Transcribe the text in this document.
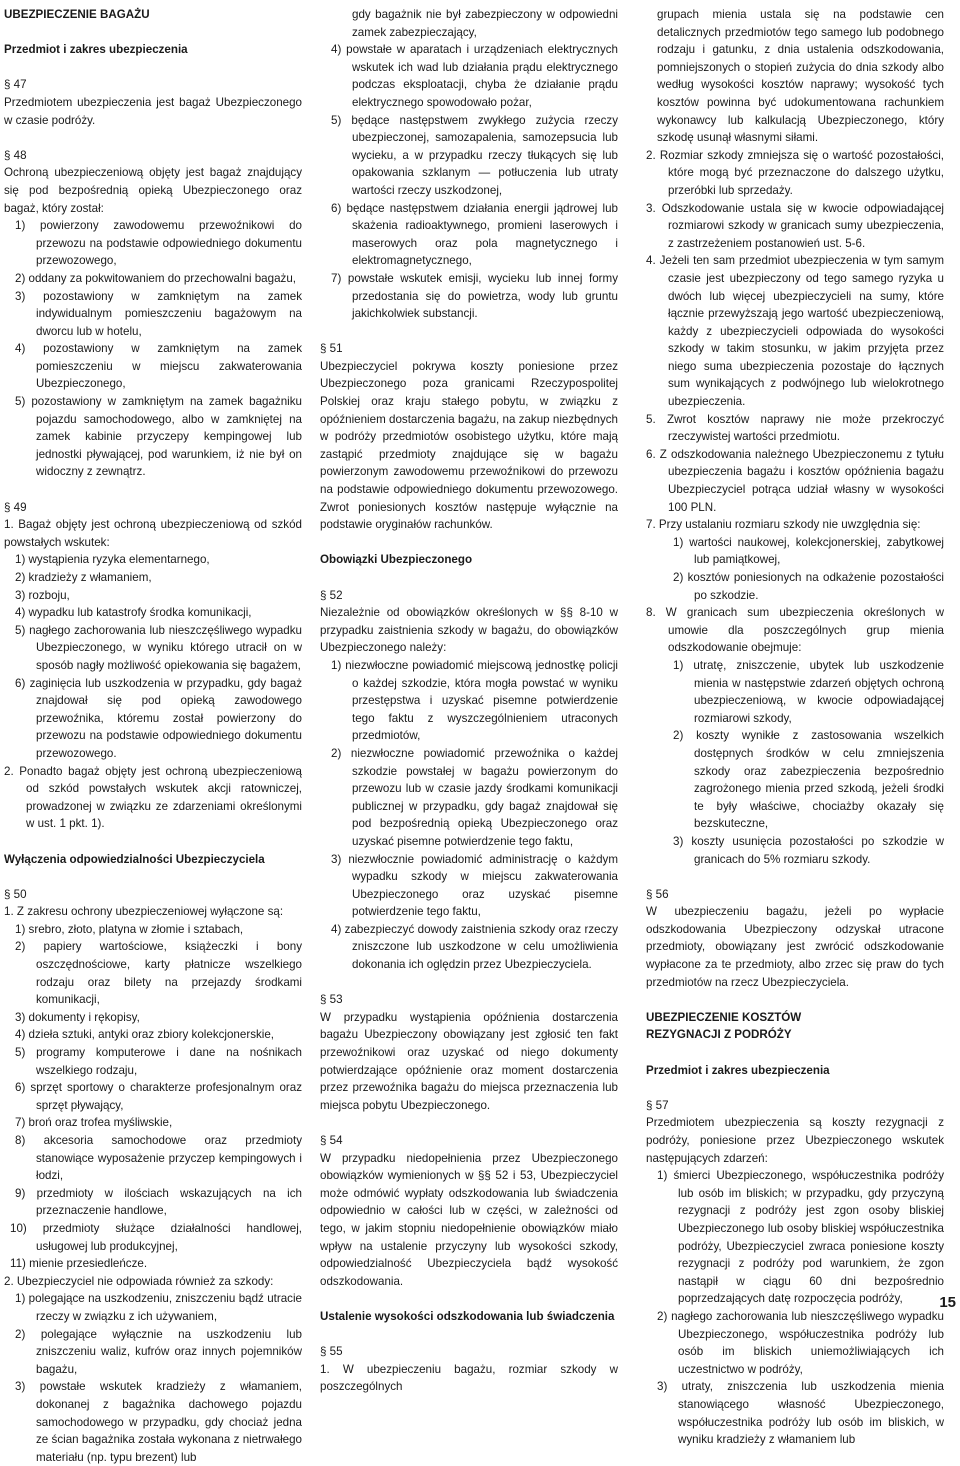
UBEZPIECZENIE BAGAŻU

Przedmiot i zakres ubezpieczenia

§ 47

Przedmiotem ubezpieczenia jest bagaż Ubezpieczonego w czasie podróży.

§ 48

Ochroną ubezpieczeniową objęty jest bagaż znajdujący się pod bezpośrednią opieką Ubezpieczonego oraz bagaż, który został:

1) powierzony zawodowemu przewoźnikowi do przewozu na podstawie odpowiedniego dokumentu przewozowego,

2) oddany za pokwitowaniem do przechowalni bagażu,

3) pozostawiony w zamkniętym na zamek indywidualnym pomieszczeniu bagażowym na dworcu lub w hotelu,

4) pozostawiony w zamkniętym na zamek pomieszczeniu w miejscu zakwaterowania Ubezpieczonego,

5) pozostawiony w zamkniętym na zamek bagażniku pojazdu samochodowego, albo w zamkniętej na zamek kabinie przyczepy kempingowej lub jednostki pływającej, pod warunkiem, iż nie był on widoczny z zewnątrz.

§ 49

1. Bagaż objęty jest ochroną ubezpieczeniową od szkód powstałych wskutek:

1) wystąpienia ryzyka elementarnego,

2) kradzieży z włamaniem,

3) rozboju,

4) wypadku lub katastrofy środka komunikacji,

5) nagłego zachorowania lub nieszczęśliwego wypadku Ubezpieczonego, w wyniku którego utracił on w sposób nagły możliwość opiekowania się bagażem,

6) zaginięcia lub uszkodzenia w przypadku, gdy bagaż znajdował się pod opieką zawodowego przewoźnika, któremu został powierzony do przewozu na podstawie odpowiedniego dokumentu przewozowego.

2. Ponadto bagaż objęty jest ochroną ubezpieczeniową od szkód powstałych wskutek akcji ratowniczej, prowadzonej w związku ze zdarzeniami określonymi w ust. 1 pkt. 1).

Wyłączenia odpowiedzialności Ubezpieczyciela

§ 50

1. Z zakresu ochrony ubezpieczeniowej wyłączone są:

1) srebro, złoto, platyna w złomie i sztabach,

2) papiery wartościowe, książeczki i bony oszczędnościowe, karty płatnicze wszelkiego rodzaju oraz bilety na przejazdy środkami komunikacji,

3) dokumenty i rękopisy,

4) dzieła sztuki, antyki oraz zbiory kolekcjonerskie,

5) programy komputerowe i dane na nośnikach wszelkiego rodzaju,

6) sprzęt sportowy o charakterze profesjonalnym oraz sprzęt pływający,

7) broń oraz trofea myśliwskie,

8) akcesoria samochodowe oraz przedmioty stanowiące wyposażenie przyczep kempingowych i łodzi,

9) przedmioty w ilościach wskazujących na ich przeznaczenie handlowe,

10) przedmioty służące działalności handlowej, usługowej lub produkcyjnej,

11) mienie przesiedleńcze.

2. Ubezpieczyciel nie odpowiada również za szkody:

1) polegające na uszkodzeniu, zniszczeniu bądź utracie rzeczy w związku z ich używaniem,

2) polegające wyłącznie na uszkodzeniu lub zniszczeniu waliz, kufrów oraz innych pojemników bagażu,

3) powstałe wskutek kradzieży z włamaniem, dokonanej z bagażnika dachowego pojazdu samochodowego w przypadku, gdy chociaż jedna ze ścian bagażnika została wykonana z nietrwałego materiału (np. typu brezent) lub

gdy bagażnik nie był zabezpieczony w odpowiedni zamek zabezpieczający,

4) powstałe w aparatach i urządzeniach elektrycznych wskutek ich wad lub działania prądu elektrycznego podczas eksploatacji, chyba że działanie prądu elektrycznego spowodowało pożar,

5) będące następstwem zwykłego zużycia rzeczy ubezpieczonej, samozapalenia, samozepsucia lub wycieku, a w przypadku rzeczy tłukących się lub opakowania szklanym — potłuczenia lub utraty wartości rzeczy uszkodzonej,

6) będące następstwem działania energii jądrowej lub skażenia radioaktywnego, promieni laserowych i maserowych oraz pola magnetycznego i elektromagnetycznego,

7) powstałe wskutek emisji, wycieku lub innej formy przedostania się do powietrza, wody lub gruntu jakichkolwiek substancji.

§ 51

Ubezpieczyciel pokrywa koszty poniesione przez Ubezpieczonego poza granicami Rzeczypospolitej Polskiej oraz kraju stałego pobytu, w związku z opóźnieniem dostarczenia bagażu, na zakup niezbędnych w podróży przedmiotów osobistego użytku, które mają zastąpić przedmioty znajdujące się w bagażu powierzonym zawodowemu przewoźnikowi do przewozu na podstawie odpowiedniego dokumentu przewozowego. Zwrot poniesionych kosztów następuje wyłącznie na podstawie oryginałów rachunków.

Obowiązki Ubezpieczonego

§ 52

Niezależnie od obowiązków określonych w §§ 8-10 w przypadku zaistnienia szkody w bagażu, do obowiązków Ubezpieczonego należy:

1) niezwłoczne powiadomić miejscową jednostkę policji o każdej szkodzie, która mogła powstać w wyniku przestępstwa i uzyskać pisemne potwierdzenie tego faktu z wyszczególnieniem utraconych przedmiotów,

2) niezwłoczne powiadomić przewoźnika o każdej szkodzie powstałej w bagażu powierzonym do przewozu lub w czasie jazdy środkami komunikacji publicznej w przypadku, gdy bagaż znajdował się pod bezpośrednią opieką Ubezpieczonego oraz uzyskać pisemne potwierdzenie tego faktu,

3) niezwłocznie powiadomić administrację o każdym wypadku szkody w miejscu zakwaterowania Ubezpieczonego oraz uzyskać pisemne potwierdzenie tego faktu,

4) zabezpieczyć dowody zaistnienia szkody oraz rzeczy zniszczone lub uszkodzone w celu umożliwienia dokonania ich oględzin przez Ubezpieczyciela.

§ 53

W przypadku wystąpienia opóźnienia dostarczenia bagażu Ubezpieczony obowiązany jest zgłosić ten fakt przewoźnikowi oraz uzyskać od niego dokumenty potwierdzające opóźnienie oraz moment dostarczenia przez przewoźnika bagażu do miejsca przeznaczenia lub miejsca pobytu Ubezpieczonego.

§ 54

W przypadku niedopełnienia przez Ubezpieczonego obowiązków wymienionych w §§ 52 i 53, Ubezpieczyciel może odmówić wypłaty odszkodowania lub świadczenia odpowiednio w całości lub w części, w zależności od tego, w jakim stopniu niedopełnienie obowiązków miało wpływ na ustalenie przyczyny lub wysokości szkody, odpowiedzialność Ubezpieczyciela bądź wysokość odszkodowania.

Ustalenie wysokości odszkodowania lub świadczenia

§ 55

1. W ubezpieczeniu bagażu, rozmiar szkody w poszczególnych

grupach mienia ustala się na podstawie cen detalicznych przedmiotów tego samego lub podobnego rodzaju i gatunku, z dnia ustalenia odszkodowania, pomniejszonych o stopień zużycia do dnia szkody albo według wysokości kosztów naprawy; wysokość tych kosztów powinna być udokumentowana rachunkiem wykonawcy lub kalkulacją Ubezpieczonego, który szkodę usunął własnymi siłami.

2. Rozmiar szkody zmniejsza się o wartość pozostałości, które mogą być przeznaczone do dalszego użytku, przeróbki lub sprzedaży.

3. Odszkodowanie ustala się w kwocie odpowiadającej rozmiarowi szkody w granicach sumy ubezpieczenia, z zastrzeżeniem postanowień ust. 5-6.

4. Jeżeli ten sam przedmiot ubezpieczenia w tym samym czasie jest ubezpieczony od tego samego ryzyka u dwóch lub więcej ubezpieczycieli na sumy, które łącznie przewyższają jego wartość ubezpieczeniową, każdy z ubezpieczycieli odpowiada do wysokości szkody w takim stosunku, w jakim przyjęta przez niego suma ubezpieczenia pozostaje do łącznych sum wynikających z podwójnego lub wielokrotnego ubezpieczenia.

5. Zwrot kosztów naprawy nie może przekroczyć rzeczywistej wartości przedmiotu.

6. Z odszkodowania należnego Ubezpieczonemu z tytułu ubezpieczenia bagażu i kosztów opóźnienia bagażu Ubezpieczyciel potrąca udział własny w wysokości 100 PLN.

7. Przy ustalaniu rozmiaru szkody nie uwzględnia się:

1) wartości naukowej, kolekcjonerskiej, zabytkowej lub pamiątkowej,

2) kosztów poniesionych na odkażenie pozostałości po szkodzie.

8. W granicach sum ubezpieczenia określonych w umowie dla poszczególnych grup mienia odszkodowanie obejmuje:

1) utratę, zniszczenie, ubytek lub uszkodzenie mienia w następstwie zdarzeń objętych ochroną ubezpieczeniową, w kwocie odpowiadającej rozmiarowi szkody,

2) koszty wynikłe z zastosowania wszelkich dostępnych środków w celu zmniejszenia szkody oraz zabezpieczenia bezpośrednio zagrożonego mienia przed szkodą, jeżeli środki te były właściwe, chociażby okazały się bezskuteczne,

3) koszty usunięcia pozostałości po szkodzie w granicach do 5% rozmiaru szkody.

§ 56

W ubezpieczeniu bagażu, jeżeli po wypłacie odszkodowania Ubezpieczony odzyskał utracone przedmioty, obowiązany jest zwrócić odszkodowanie wypłacone za te przedmioty, albo zrzec się praw do tych przedmiotów na rzecz Ubezpieczyciela.

UBEZPIECZENIE KOSZTÓW REZYGNACJI Z PODRÓŻY

Przedmiot i zakres ubezpieczenia

§ 57

Przedmiotem ubezpieczenia są koszty rezygnacji z podróży, poniesione przez Ubezpieczonego wskutek następujących zdarzeń:

1) śmierci Ubezpieczonego, współuczestnika podróży lub osób im bliskich; w przypadku, gdy przyczyną rezygnacji z podróży jest zgon osoby bliskiej Ubezpieczonego lub osoby bliskiej współuczestnika podróży, Ubezpieczyciel zwraca poniesione koszty rezygnacji z podróży pod warunkiem, że zgon nastąpił w ciągu 60 dni bezpośrednio poprzedzających datę rozpoczęcia podróży,

2) nagłego zachorowania lub nieszczęśliwego wypadku Ubezpieczonego, współuczestnika podróży lub osób im bliskich uniemożliwiających ich uczestnictwo w podróży,

3) utraty, zniszczenia lub uszkodzenia mienia stanowiącego własność Ubezpieczonego, współuczestnika podróży lub osób im bliskich, w wyniku kradzieży z włamaniem lub

15
